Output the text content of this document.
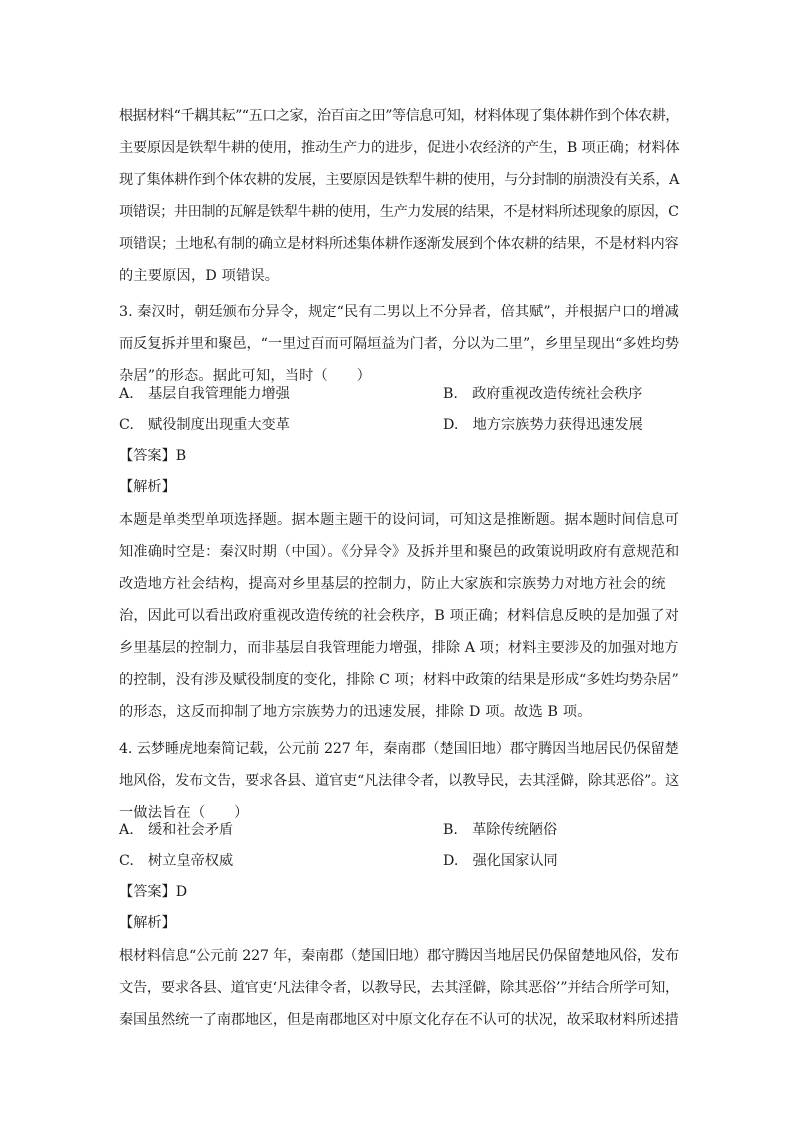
根据材料“千耦其耘”“五口之家，治百亩之田”等信息可知，材料体现了集体耕作到个体农耕，
主要原因是铁犁牛耕的使用，推动生产力的进步，促进小农经济的产生，B 项正确；材料体
现了集体耕作到个体农耕的发展，主要原因是铁犁牛耕的使用，与分封制的崩溃没有关系，A
项错误；井田制的瓦解是铁犁牛耕的使用，生产力发展的结果，不是材料所述现象的原因，C
项错误；土地私有制的确立是材料所述集体耕作逐渐发展到个体农耕的结果，不是材料内容
的主要原因，D 项错误。
3. 秦汉时，朝廷颁布分异令，规定“民有二男以上不分异者，倍其赋”，并根据户口的增减
而反复拆并里和聚邑，“一里过百而可隔垣益为门者，分以为二里”，乡里呈现出“多姓均势
杂居”的形态。据此可知，当时（　　）
A.　基层自我管理能力增强	B.　政府重视改造传统社会秩序
C.　赋役制度出现重大变革	D.　地方宗族势力获得迅速发展
【答案】B
【解析】
本题是单类型单项选择题。据本题主题干的设问词，可知这是推断题。据本题时间信息可
知准确时空是：秦汉时期（中国）。《分异令》及拆并里和聚邑的政策说明政府有意规范和
改造地方社会结构，提高对乡里基层的控制力，防止大家族和宗族势力对地方社会的统
治，因此可以看出政府重视改造传统的社会秩序，B 项正确；材料信息反映的是加强了对
乡里基层的控制力，而非基层自我管理能力增强，排除 A 项；材料主要涉及的加强对地方
的控制，没有涉及赋役制度的变化，排除 C 项；材料中政策的结果是形成“多姓均势杂居”
的形态，这反而抑制了地方宗族势力的迅速发展，排除 D 项。故选 B 项。
4. 云梦睡虎地秦简记载，公元前 227 年，秦南郡（楚国旧地）郡守腾因当地居民仍保留楚
地风俗，发布文告，要求各县、道官吏“凡法律令者，以教导民，去其淫僻，除其恶俗”。这
一做法旨在（　　）
A.　缓和社会矛盾	B.　革除传统陋俗
C.　树立皇帝权威	D.　强化国家认同
【答案】D
【解析】
根材料信息“公元前 227 年，秦南郡（楚国旧地）郡守腾因当地居民仍保留楚地风俗，发布
文告，要求各县、道官吏‘凡法律令者，以教导民，去其淫僻，除其恶俗’”并结合所学可知，
秦国虽然统一了南郡地区，但是南郡地区对中原文化存在不认可的状况，故采取材料所述措
